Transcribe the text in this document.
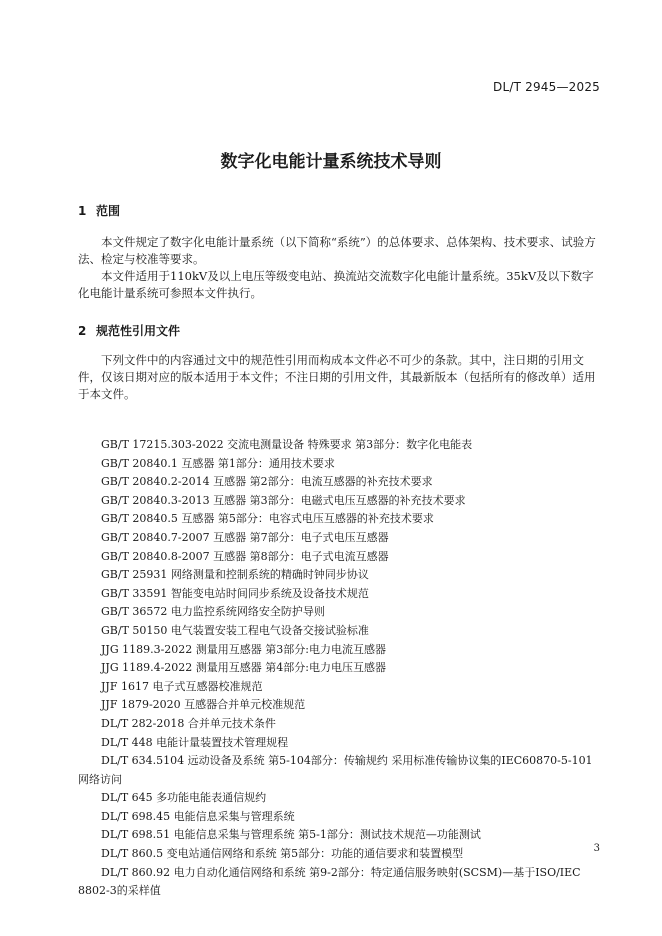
DL/T 2945—2025
数字化电能计量系统技术导则
1 范围
本文件规定了数字化电能计量系统（以下简称“系统”）的总体要求、总体架构、技术要求、试验方法、检定与校准等要求。
本文件适用于110kV及以上电压等级变电站、换流站交流数字化电能计量系统。35kV及以下数字化电能计量系统可参照本文件执行。
2 规范性引用文件
下列文件中的内容通过文中的规范性引用而构成本文件必不可少的条款。其中，注日期的引用文件，仅该日期对应的版本适用于本文件；不注日期的引用文件，其最新版本（包括所有的修改单）适用于本文件。
GB/T 17215.303-2022 交流电测量设备 特殊要求 第3部分：数字化电能表
GB/T 20840.1 互感器 第1部分：通用技术要求
GB/T 20840.2-2014 互感器 第2部分：电流互感器的补充技术要求
GB/T 20840.3-2013 互感器 第3部分：电磁式电压互感器的补充技术要求
GB/T 20840.5 互感器 第5部分：电容式电压互感器的补充技术要求
GB/T 20840.7-2007 互感器 第7部分：电子式电压互感器
GB/T 20840.8-2007 互感器 第8部分：电子式电流互感器
GB/T 25931 网络测量和控制系统的精确时钟同步协议
GB/T 33591 智能变电站时间同步系统及设备技术规范
GB/T 36572 电力监控系统网络安全防护导则
GB/T 50150 电气装置安装工程电气设备交接试验标准
JJG 1189.3-2022 测量用互感器 第3部分:电力电流互感器
JJG 1189.4-2022 测量用互感器 第4部分:电力电压互感器
JJF 1617 电子式互感器校准规范
JJF 1879-2020 互感器合并单元校准规范
DL/T 282-2018 合并单元技术条件
DL/T 448 电能计量装置技术管理规程
DL/T 634.5104 远动设备及系统 第5-104部分：传输规约 采用标准传输协议集的IEC60870-5-101网络访问
DL/T 645 多功能电能表通信规约
DL/T 698.45 电能信息采集与管理系统
DL/T 698.51 电能信息采集与管理系统 第5-1部分：测试技术规范—功能测试
DL/T 860.5 变电站通信网络和系统 第5部分：功能的通信要求和装置模型
DL/T 860.92 电力自动化通信网络和系统 第9-2部分：特定通信服务映射(SCSM)—基于ISO/IEC 8802-3的采样值
3
